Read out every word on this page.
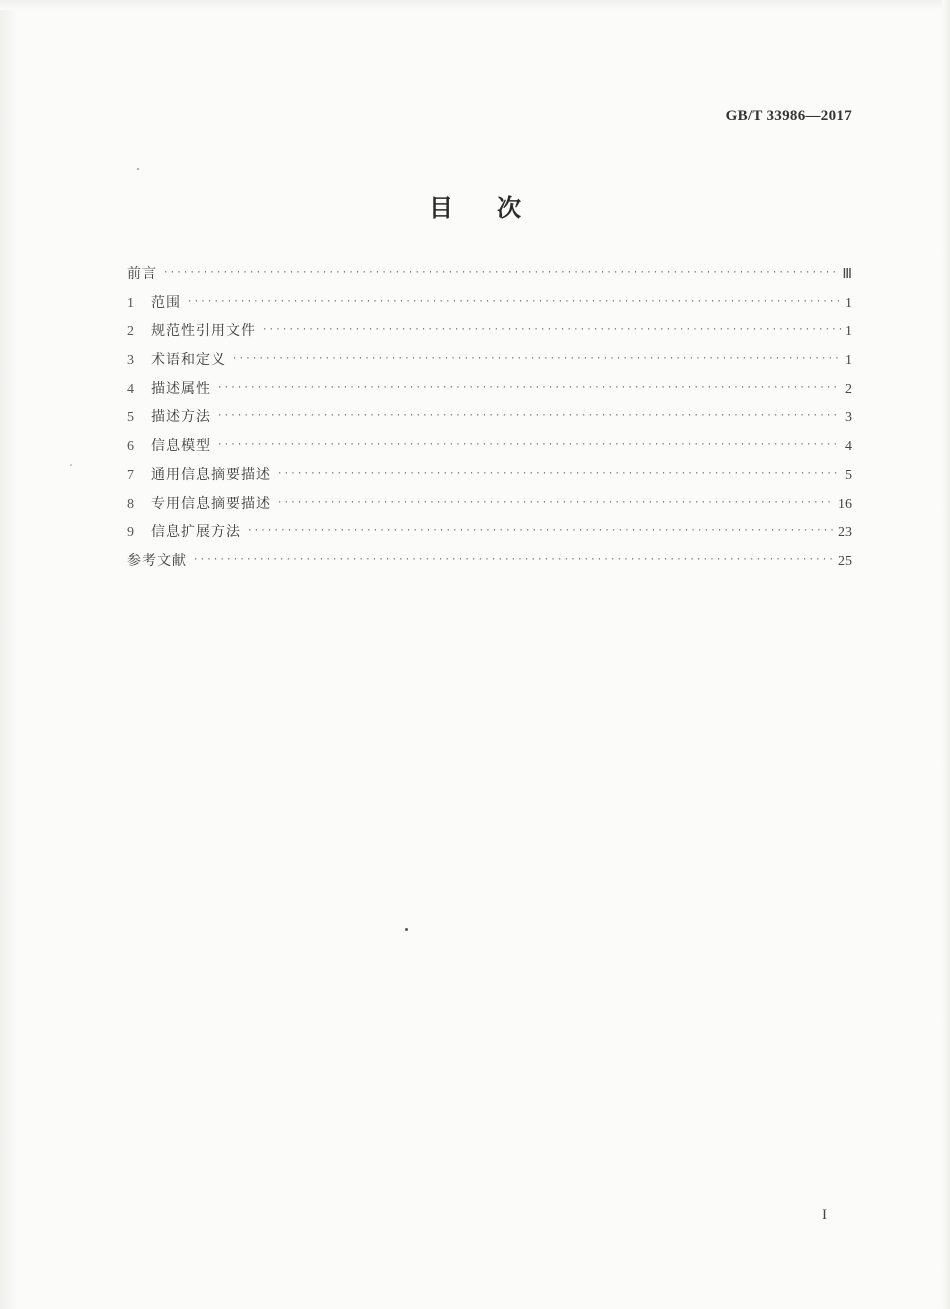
GB/T 33986—2017
目次
前言 ·····	Ⅲ
1	范围 ·····	1
2	规范性引用文件 ·····	1
3	术语和定义 ·····	1
4	描述属性 ·····	2
5	描述方法 ·····	3
6	信息模型 ·····	4
7	通用信息摘要描述 ·····	5
8	专用信息摘要描述 ·····	16
9	信息扩展方法 ·····	23
参考文献 ·····	25
I
